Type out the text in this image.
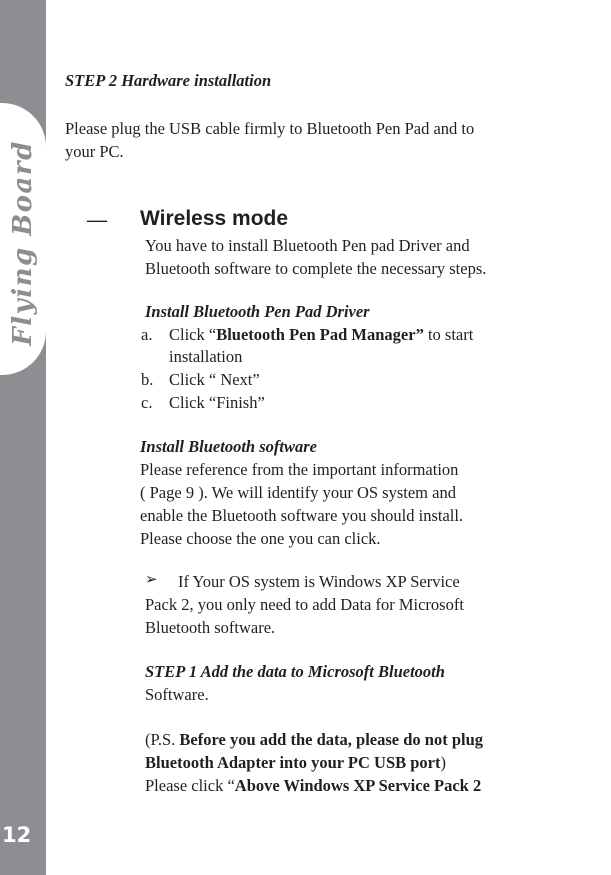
Flying Board
12
STEP 2 Hardware installation
Please plug the USB cable firmly to Bluetooth Pen Pad and to
your PC.
— Wireless mode
You have to install Bluetooth Pen pad Driver and
Bluetooth software to complete the necessary steps.
Install Bluetooth Pen Pad Driver
a. Click “Bluetooth Pen Pad Manager” to start
installation
b. Click “ Next”
c. Click “Finish”
Install Bluetooth software
Please reference from the important information
( Page 9 ). We will identify your OS system and
enable the Bluetooth software you should install.
Please choose the one you can click.
➢ If Your OS system is Windows XP Service
Pack 2, you only need to add Data for Microsoft
Bluetooth software.
STEP 1 Add the data to Microsoft Bluetooth
Software.
(P.S. Before you add the data, please do not plug
Bluetooth Adapter into your PC USB port)
Please click “Above Windows XP Service Pack 2
